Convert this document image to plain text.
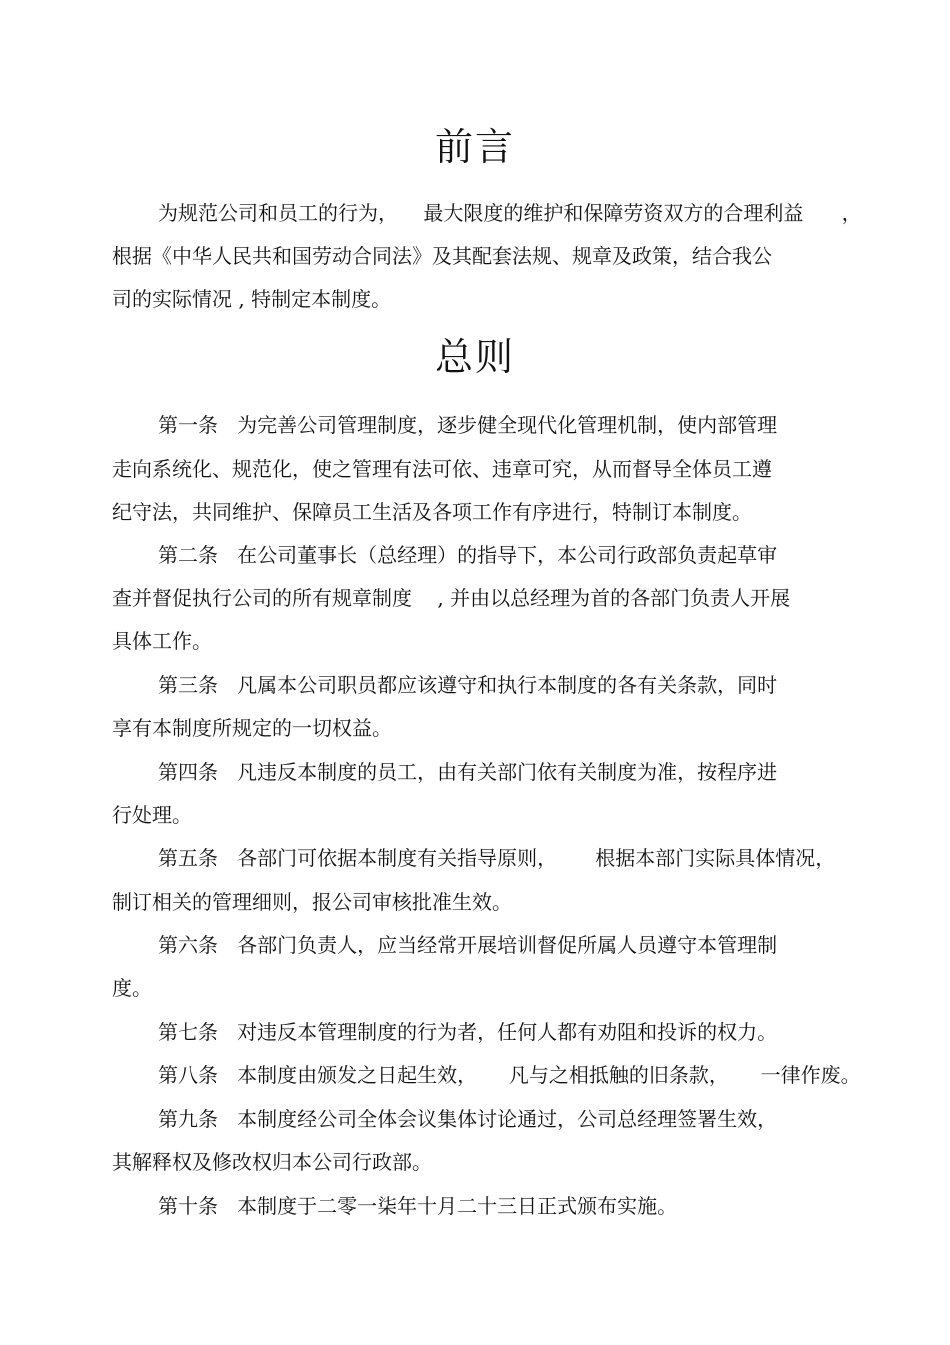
前言

为规范公司和员工的行为，    最大限度的维护和保障劳资双方的合理利益      ，

根据《中华人民共和国劳动合同法》及其配套法规、规章及政策，结合我公

司的实际情况 , 特制定本制度。

总则

第一条   为完善公司管理制度，逐步健全现代化管理机制，使内部管理

走向系统化、规范化，使之管理有法可依、违章可究，从而督导全体员工遵

纪守法，共同维护、保障员工生活及各项工作有序进行，特制订本制度。

第二条   在公司董事长（总经理）的指导下，本公司行政部负责起草审

查并督促执行公司的所有规章制度    , 并由以总经理为首的各部门负责人开展

具体工作。

第三条   凡属本公司职员都应该遵守和执行本制度的各有关条款，同时

享有本制度所规定的一切权益。

第四条   凡违反本制度的员工，由有关部门依有关制度为准，按程序进

行处理。

第五条   各部门可依据本制度有关指导原则，      根据本部门实际具体情况，

制订相关的管理细则，报公司审核批准生效。

第六条   各部门负责人，应当经常开展培训督促所属人员遵守本管理制

度。

第七条   对违反本管理制度的行为者，任何人都有劝阻和投诉的权力。

第八条   本制度由颁发之日起生效，     凡与之相抵触的旧条款，     一律作废。

第九条   本制度经公司全体会议集体讨论通过，公司总经理签署生效，

其解释权及修改权归本公司行政部。

第十条   本制度于二零一柒年十月二十三日正式颁布实施。
